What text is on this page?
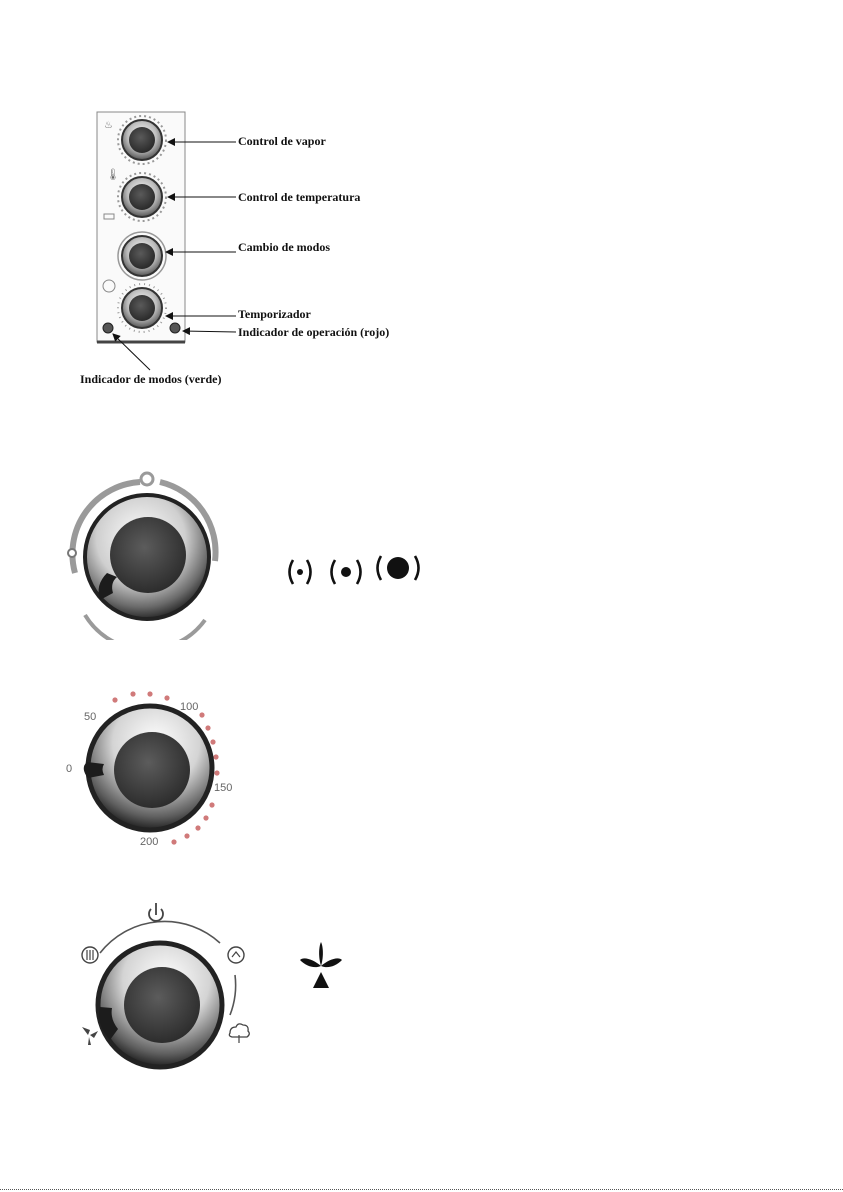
♨
🌡
Control de vapor
Control de temperatura
Cambio de modos
Temporizador
Indicador de operación (rojo)
Indicador de modos (verde)
0
50
100
150
200
